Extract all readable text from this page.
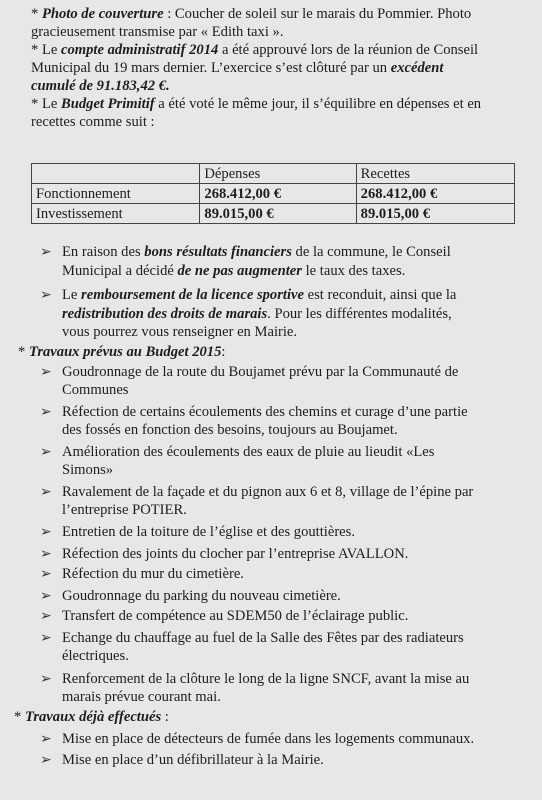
* Photo de couverture : Coucher de soleil sur le marais du Pommier. Photo
gracieusement transmise par « Edith taxi ».
* Le compte administratif 2014 a été approuvé lors de la réunion de Conseil
Municipal du 19 mars dernier. L’exercice s’est clôturé par un excédent
cumulé de 91.183,42 €.
* Le Budget Primitif a été voté le même jour, il s’équilibre en dépenses et en
recettes comme suit :
	Dépenses	Recettes
Fonctionnement	268.412,00 €	268.412,00 €
Investissement	89.015,00 €	89.015,00 €
➢ En raison des bons résultats financiers de la commune, le Conseil
Municipal a décidé de ne pas augmenter le taux des taxes.
➢ Le remboursement de la licence sportive est reconduit, ainsi que la
redistribution des droits de marais. Pour les différentes modalités,
vous pourrez vous renseigner en Mairie.
* Travaux prévus au Budget 2015:
➢ Goudronnage de la route du Boujamet prévu par la Communauté de
Communes
➢ Réfection de certains écoulements des chemins et curage d’une partie
des fossés en fonction des besoins, toujours au Boujamet.
➢ Amélioration des écoulements des eaux de pluie au lieudit «Les
Simons»
➢ Ravalement de la façade et du pignon aux 6 et 8, village de l’épine par
l’entreprise POTIER.
➢ Entretien de la toiture de l’église et des gouttières.
➢ Réfection des joints du clocher par l’entreprise AVALLON.
➢ Réfection du mur du cimetière.
➢ Goudronnage du parking du nouveau cimetière.
➢ Transfert de compétence au SDEM50 de l’éclairage public.
➢ Echange du chauffage au fuel de la Salle des Fêtes par des radiateurs
électriques.
➢ Renforcement de la clôture le long de la ligne SNCF, avant la mise au
marais prévue courant mai.
* Travaux déjà effectués :
➢ Mise en place de détecteurs de fumée dans les logements communaux.
➢ Mise en place d’un défibrillateur à la Mairie.
